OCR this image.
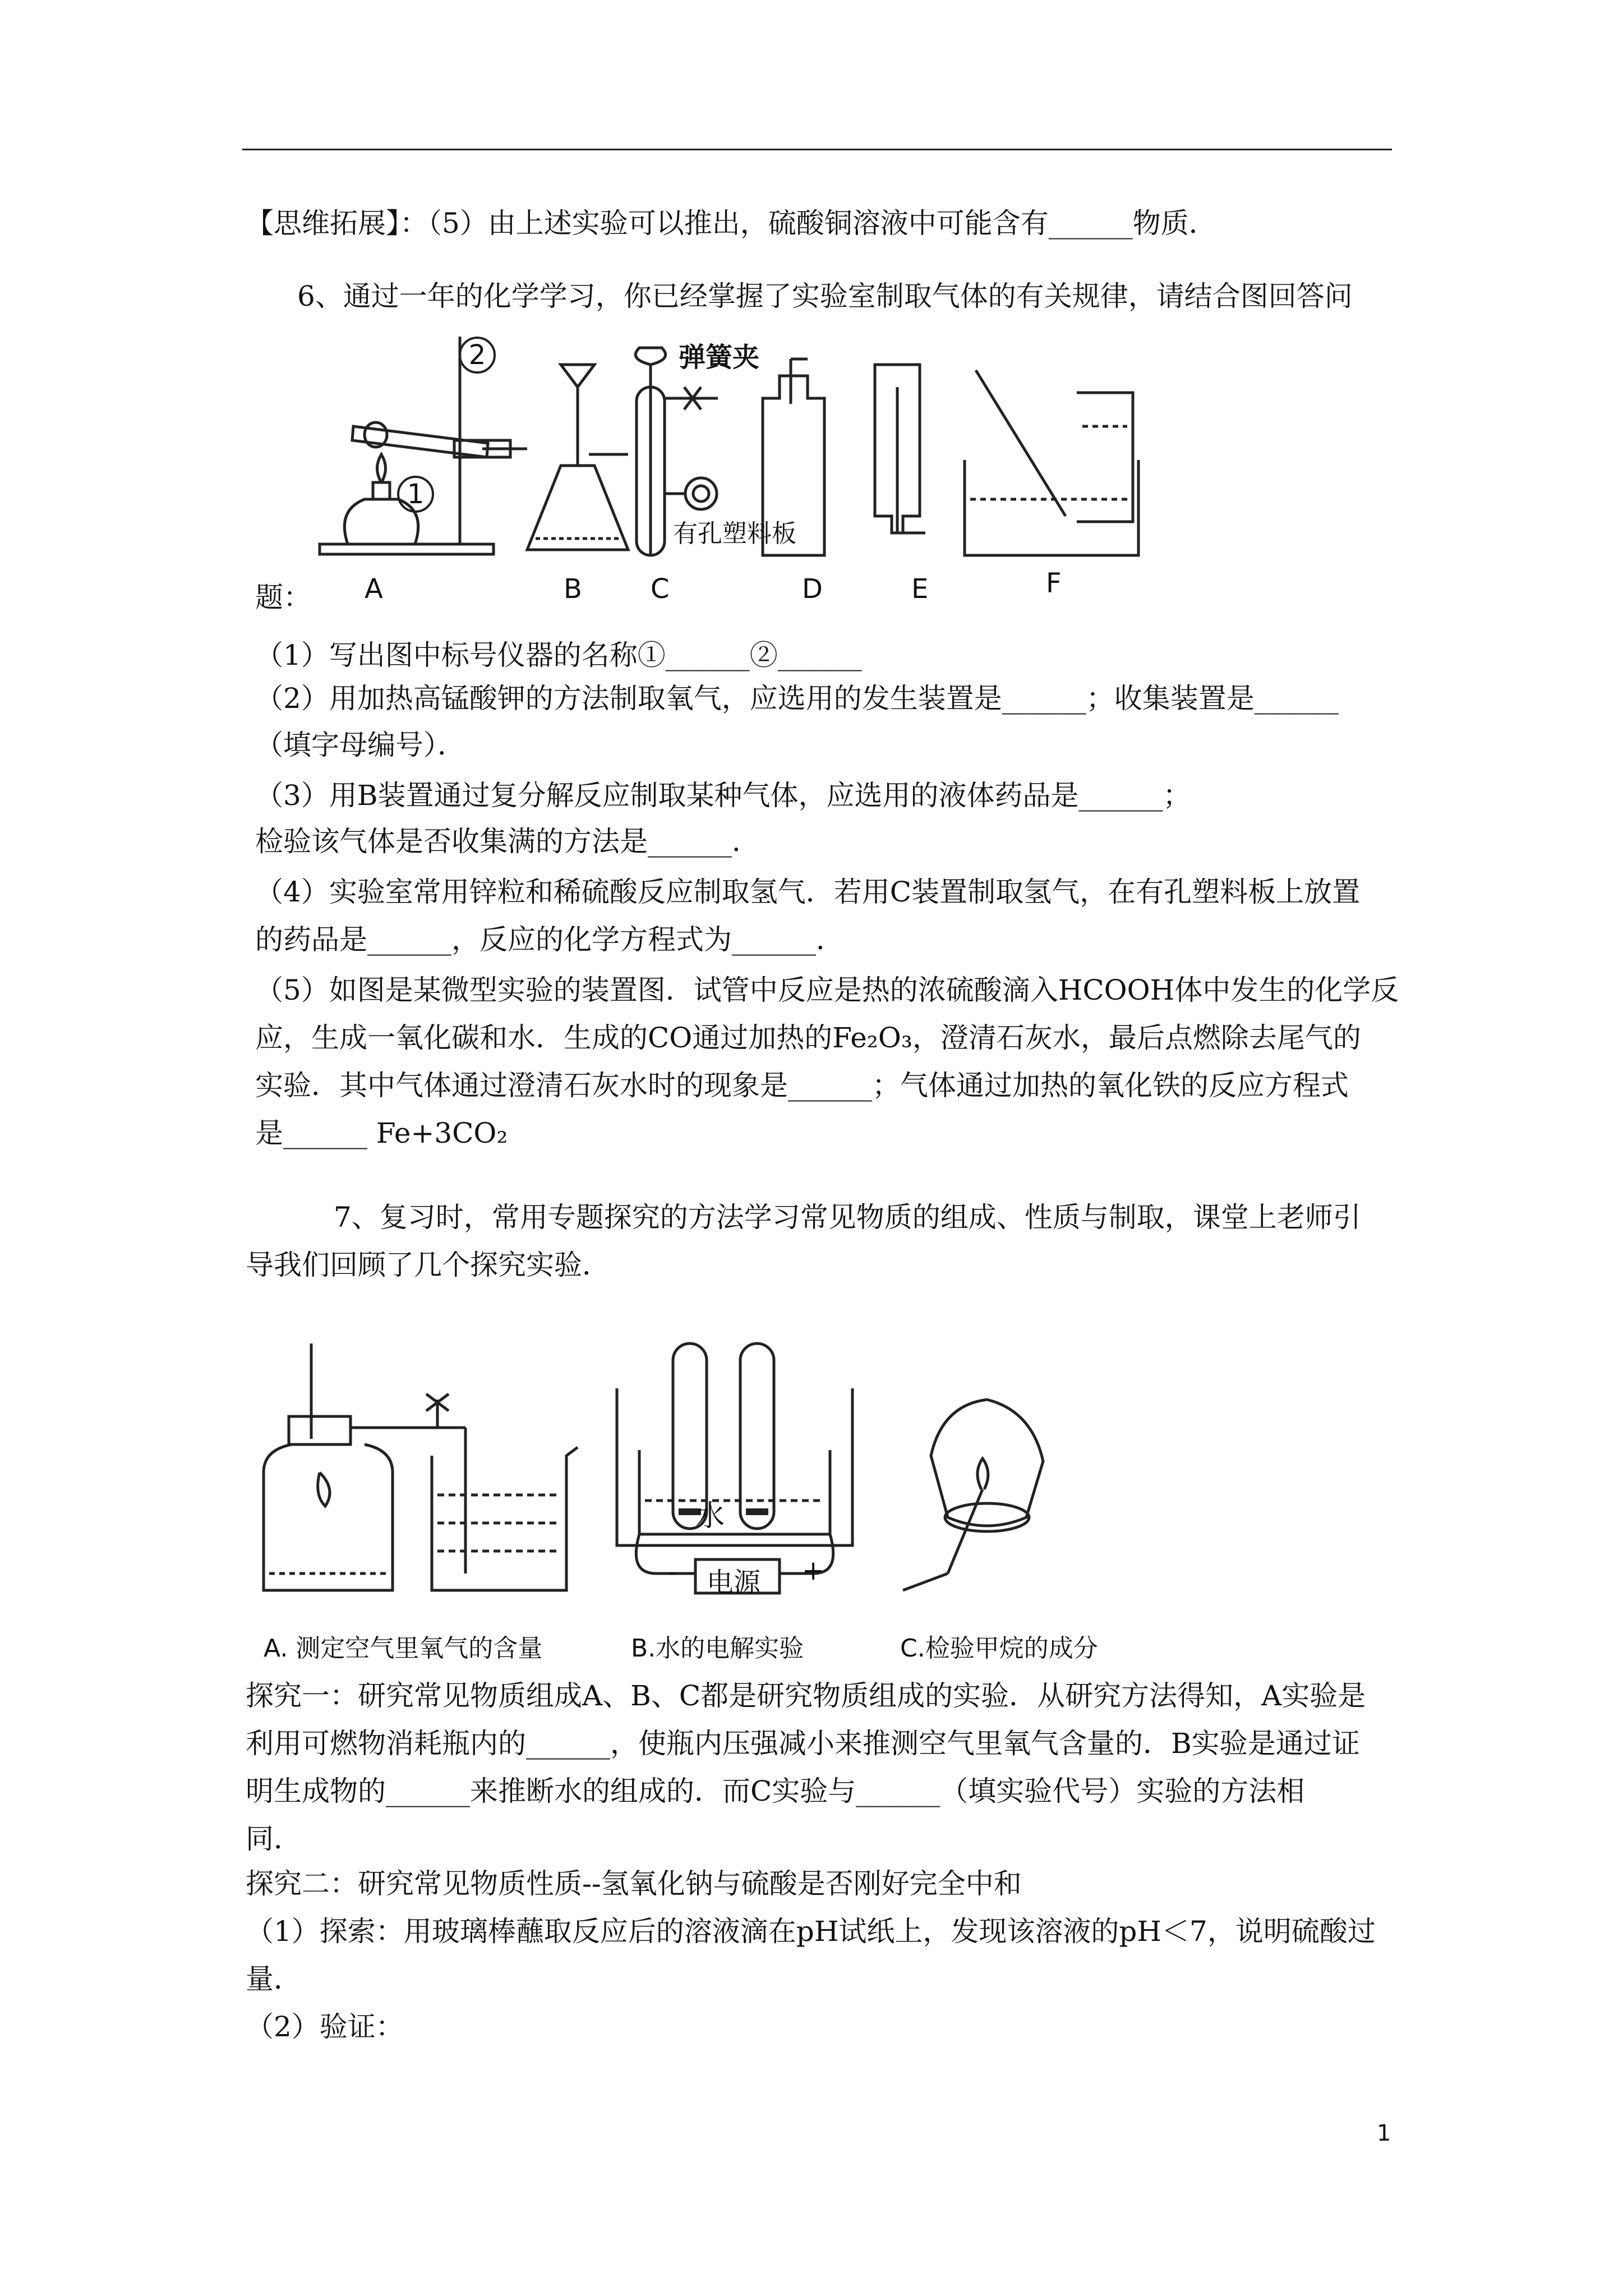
【思维拓展】：（5）由上述实验可以推出，硫酸铜溶液中可能含有______物质．
6、通过一年的化学学习，你已经掌握了实验室制取气体的有关规律，请结合图回答问
2
1
弹簧夹
有孔塑料板
题： A	B	C	D	E	F
（1）写出图中标号仪器的名称①______②______
（2）用加热高锰酸钾的方法制取氧气，应选用的发生装置是______；收集装置是______
（填字母编号）．
（3）用B装置通过复分解反应制取某种气体，应选用的液体药品是______；
检验该气体是否收集满的方法是______．
（4）实验室常用锌粒和稀硫酸反应制取氢气．若用C装置制取氢气，在有孔塑料板上放置
的药品是______，反应的化学方程式为______．
（5）如图是某微型实验的装置图．试管中反应是热的浓硫酸滴入HCOOH体中发生的化学反
应，生成一氧化碳和水．生成的CO通过加热的Fe₂O₃，澄清石灰水，最后点燃除去尾气的
实验．其中气体通过澄清石灰水时的现象是______；气体通过加热的氧化铁的反应方程式
是______ Fe+3CO₂
7、复习时，常用专题探究的方法学习常见物质的组成、性质与制取，课堂上老师引
导我们回顾了几个探究实验．
水
电源
-	+
A. 测定空气里氧气的含量	B.水的电解实验	C.检验甲烷的成分
探究一：研究常见物质组成A、B、C都是研究物质组成的实验．从研究方法得知，A实验是
利用可燃物消耗瓶内的______，使瓶内压强减小来推测空气里氧气含量的．B实验是通过证
明生成物的______来推断水的组成的．而C实验与______（填实验代号）实验的方法相
同．
探究二：研究常见物质性质--氢氧化钠与硫酸是否刚好完全中和
（1）探索：用玻璃棒蘸取反应后的溶液滴在pH试纸上，发现该溶液的pH＜7，说明硫酸过
量．
（2）验证：
1
